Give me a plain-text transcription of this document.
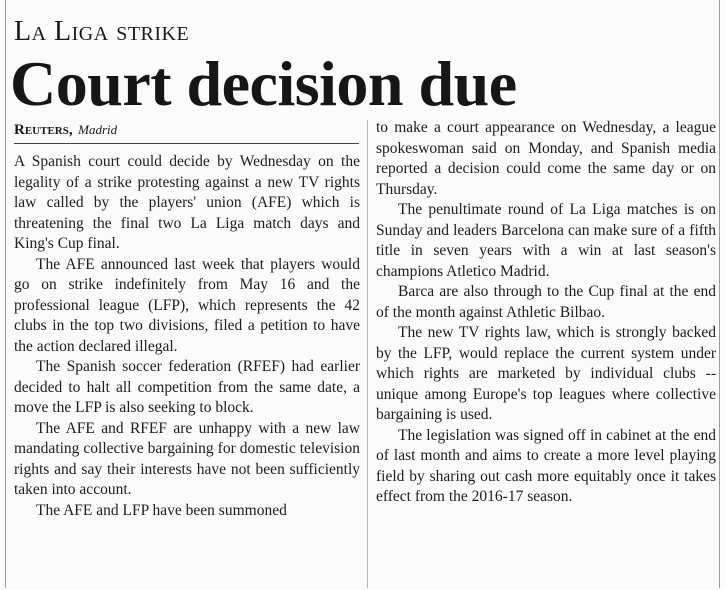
La Liga strike
Court decision due
Reuters, Madrid

A Spanish court could decide by Wednesday on the legality of a strike protesting against a new TV rights law called by the players' union (AFE) which is threatening the final two La Liga match days and King's Cup final.

The AFE announced last week that players would go on strike indefinitely from May 16 and the professional league (LFP), which represents the 42 clubs in the top two divisions, filed a petition to have the action declared illegal.

The Spanish soccer federation (RFEF) had earlier decided to halt all competition from the same date, a move the LFP is also seeking to block.

The AFE and RFEF are unhappy with a new law mandating collective bargaining for domestic television rights and say their interests have not been sufficiently taken into account.

The AFE and LFP have been summoned

to make a court appearance on Wednesday, a league spokeswoman said on Monday, and Spanish media reported a decision could come the same day or on Thursday.

The penultimate round of La Liga matches is on Sunday and leaders Barcelona can make sure of a fifth title in seven years with a win at last season's champions Atletico Madrid.

Barca are also through to the Cup final at the end of the month against Athletic Bilbao.

The new TV rights law, which is strongly backed by the LFP, would replace the current system under which rights are marketed by individual clubs -- unique among Europe's top leagues where collective bargaining is used.

The legislation was signed off in cabinet at the end of last month and aims to create a more level playing field by sharing out cash more equitably once it takes effect from the 2016-17 season.
